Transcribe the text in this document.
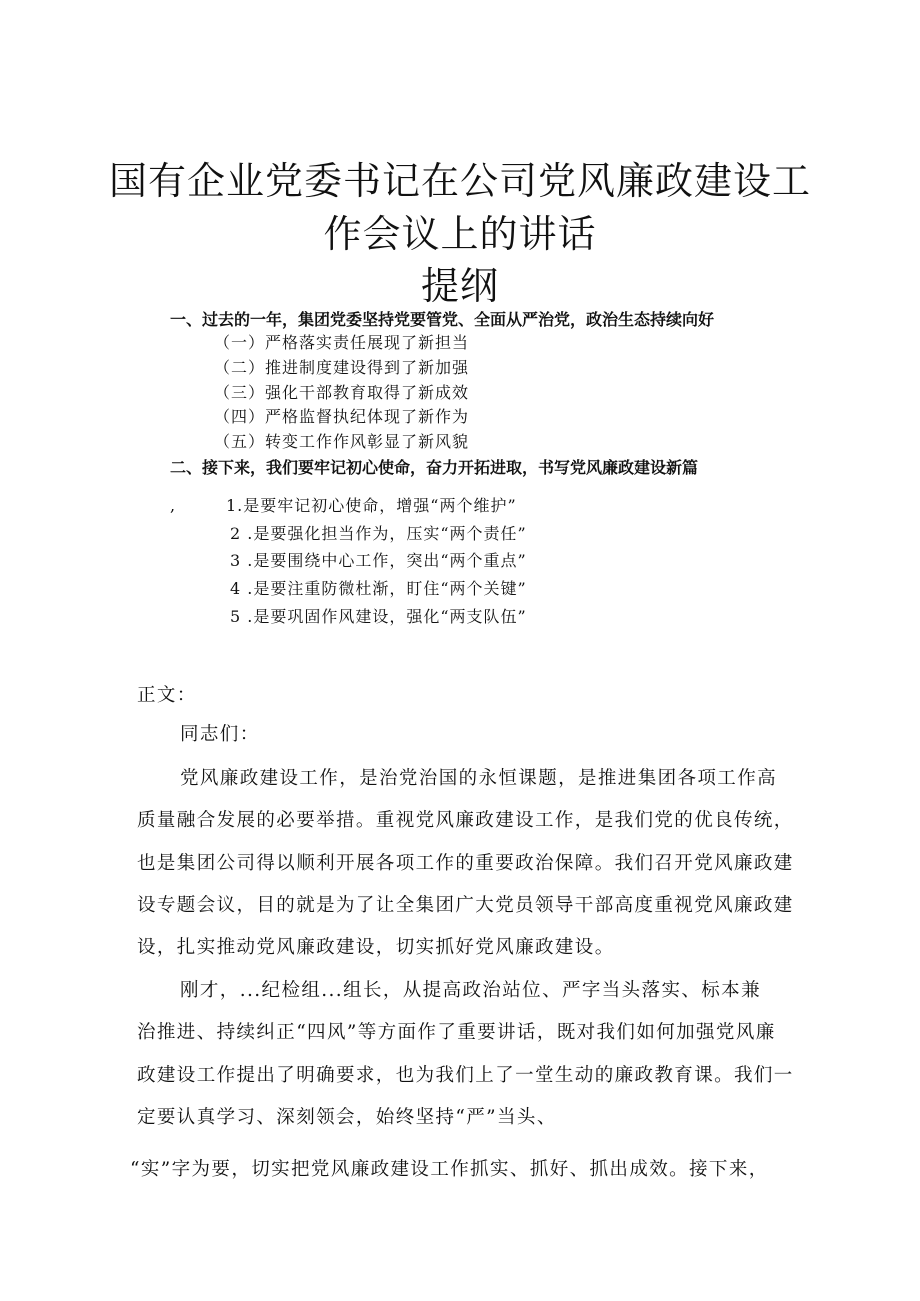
国有企业党委书记在公司党风廉政建设工
作会议上的讲话
提纲
一、过去的一年，集团党委坚持党要管党、全面从严治党，政治生态持续向好
（一）严格落实责任展现了新担当
（二）推进制度建设得到了新加强
（三）强化干部教育取得了新成效
（四）严格监督执纪体现了新作为
（五）转变工作作风彰显了新风貌
二、接下来，我们要牢记初心使命，奋力开拓进取，书写党风廉政建设新篇
,	1.是要牢记初心使命，增强“两个维护”
2 .是要强化担当作为，压实“两个责任”
3 .是要围绕中心工作，突出“两个重点”
4 .是要注重防微杜渐，盯住“两个关键”
5 .是要巩固作风建设，强化“两支队伍”
正文：
同志们：
党风廉政建设工作，是治党治国的永恒课题，是推进集团各项工作高
质量融合发展的必要举措。重视党风廉政建设工作，是我们党的优良传统，
也是集团公司得以顺利开展各项工作的重要政治保障。我们召开党风廉政建
设专题会议，目的就是为了让全集团广大党员领导干部高度重视党风廉政建
设，扎实推动党风廉政建设，切实抓好党风廉政建设。
刚才，...纪检组...组长，从提高政治站位、严字当头落实、标本兼
治推进、持续纠正“四风”等方面作了重要讲话，既对我们如何加强党风廉
政建设工作提出了明确要求，也为我们上了一堂生动的廉政教育课。我们一
定要认真学习、深刻领会，始终坚持“严”当头、
“实”字为要，切实把党风廉政建设工作抓实、抓好、抓出成效。接下来，
